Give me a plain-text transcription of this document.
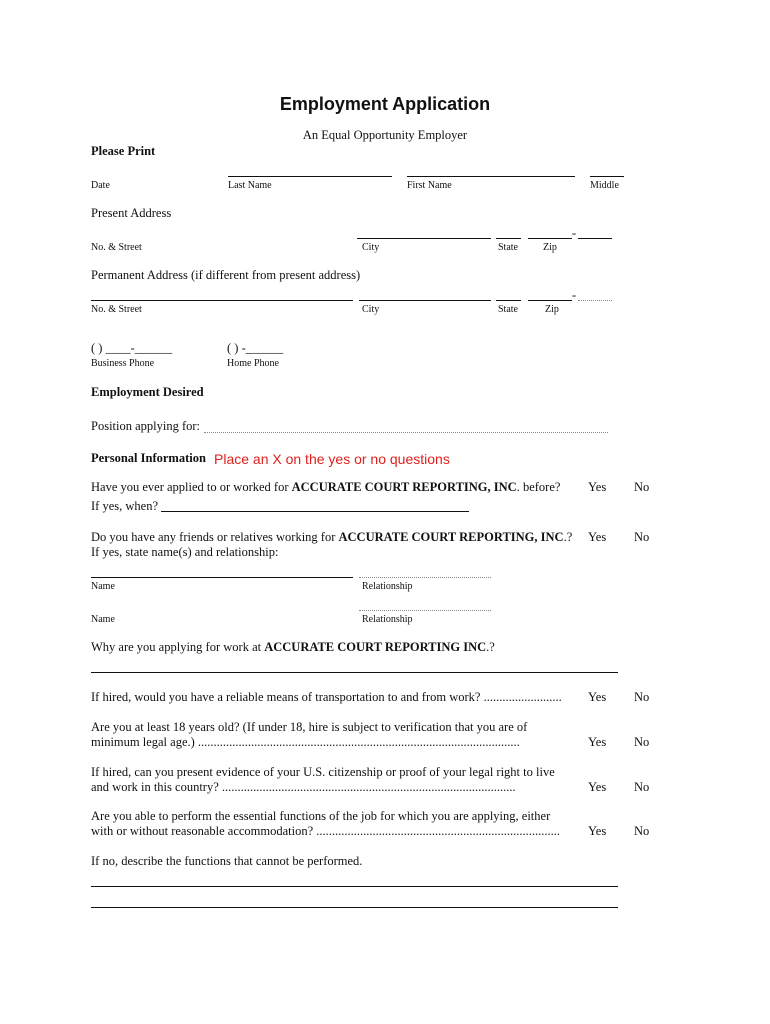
Employment Application
An Equal Opportunity Employer
Please Print
Date	Last Name	First Name	Middle
Present Address
-
No. & Street	City	State	Zip
Permanent Address (if different from present address)
-
No. & Street	City	State	Zip
( ) ____-______	( ) -______
Business Phone	Home Phone
Employment Desired
Position applying for:
Personal Information Place an X on the yes or no questions
Have you ever applied to or worked for ACCURATE COURT REPORTING, INC. before? Yes No
If yes, when?
Do you have any friends or relatives working for ACCURATE COURT REPORTING, INC.? Yes No
If yes, state name(s) and relationship:
Name	Relationship
Name	Relationship
Why are you applying for work at ACCURATE COURT REPORTING INC.?
If hired, would you have a reliable means of transportation to and from work? ......................... Yes No
Are you at least 18 years old? (If under 18, hire is subject to verification that you are of
minimum legal age.) .......................................................................................................	Yes No
If hired, can you present evidence of your U.S. citizenship or proof of your legal right to live
and work in this country? ..............................................................................................	Yes No
Are you able to perform the essential functions of the job for which you are applying, either
with or without reasonable accommodation? .............................................................................. Yes No
If no, describe the functions that cannot be performed.
